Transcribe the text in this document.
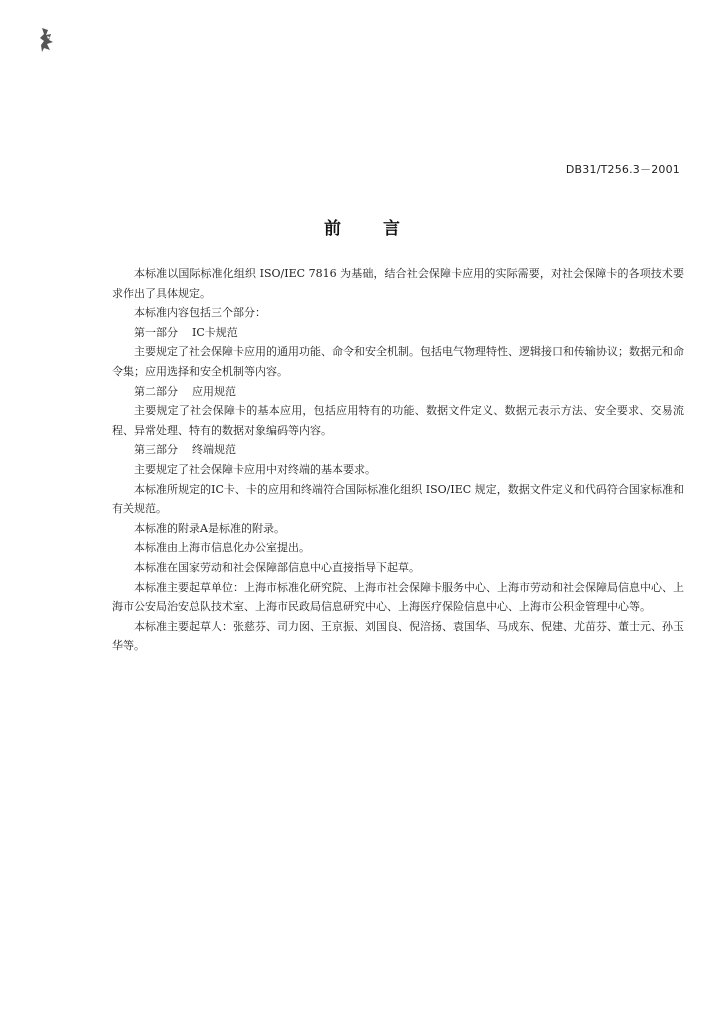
DB31/T256.3－2001
前言

本标准以国际标准化组织 ISO/IEC 7816 为基础，结合社会保障卡应用的实际需要，对社会保障卡的各项技术要求作出了具体规定。

本标准内容包括三个部分：

第一部分 IC卡规范

主要规定了社会保障卡应用的通用功能、命令和安全机制。包括电气物理特性、逻辑接口和传输协议；数据元和命令集；应用选择和安全机制等内容。

第二部分 应用规范

主要规定了社会保障卡的基本应用，包括应用特有的功能、数据文件定义、数据元表示方法、安全要求、交易流程、异常处理、特有的数据对象编码等内容。

第三部分 终端规范

主要规定了社会保障卡应用中对终端的基本要求。

本标准所规定的IC卡、卡的应用和终端符合国际标准化组织 ISO/IEC 规定，数据文件定义和代码符合国家标准和有关规范。

本标准的附录A是标准的附录。

本标准由上海市信息化办公室提出。

本标准在国家劳动和社会保障部信息中心直接指导下起草。

本标准主要起草单位：上海市标准化研究院、上海市社会保障卡服务中心、上海市劳动和社会保障局信息中心、上海市公安局治安总队技术室、上海市民政局信息研究中心、上海医疗保险信息中心、上海市公积金管理中心等。

本标准主要起草人：张慈芬、司力囡、王京振、刘国良、倪涪扬、袁国华、马成东、倪建、尤苗芬、董士元、孙玉华等。
